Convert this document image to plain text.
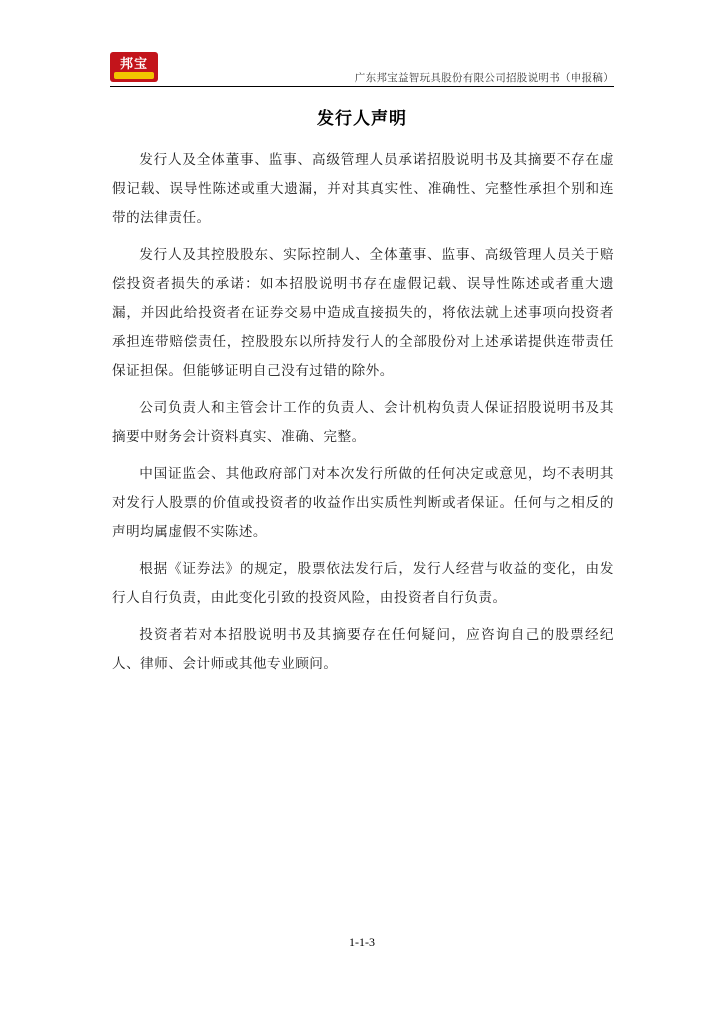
邦宝
广东邦宝益智玩具股份有限公司招股说明书（申报稿）
发行人声明

发行人及全体董事、监事、高级管理人员承诺招股说明书及其摘要不存在虚假记载、误导性陈述或重大遗漏，并对其真实性、准确性、完整性承担个别和连带的法律责任。

发行人及其控股股东、实际控制人、全体董事、监事、高级管理人员关于赔偿投资者损失的承诺：如本招股说明书存在虚假记载、误导性陈述或者重大遗漏，并因此给投资者在证券交易中造成直接损失的，将依法就上述事项向投资者承担连带赔偿责任，控股股东以所持发行人的全部股份对上述承诺提供连带责任保证担保。但能够证明自己没有过错的除外。

公司负责人和主管会计工作的负责人、会计机构负责人保证招股说明书及其摘要中财务会计资料真实、准确、完整。

中国证监会、其他政府部门对本次发行所做的任何决定或意见，均不表明其对发行人股票的价值或投资者的收益作出实质性判断或者保证。任何与之相反的声明均属虚假不实陈述。

根据《证券法》的规定，股票依法发行后，发行人经营与收益的变化，由发行人自行负责，由此变化引致的投资风险，由投资者自行负责。

投资者若对本招股说明书及其摘要存在任何疑问，应咨询自己的股票经纪人、律师、会计师或其他专业顾问。

1-1-3
